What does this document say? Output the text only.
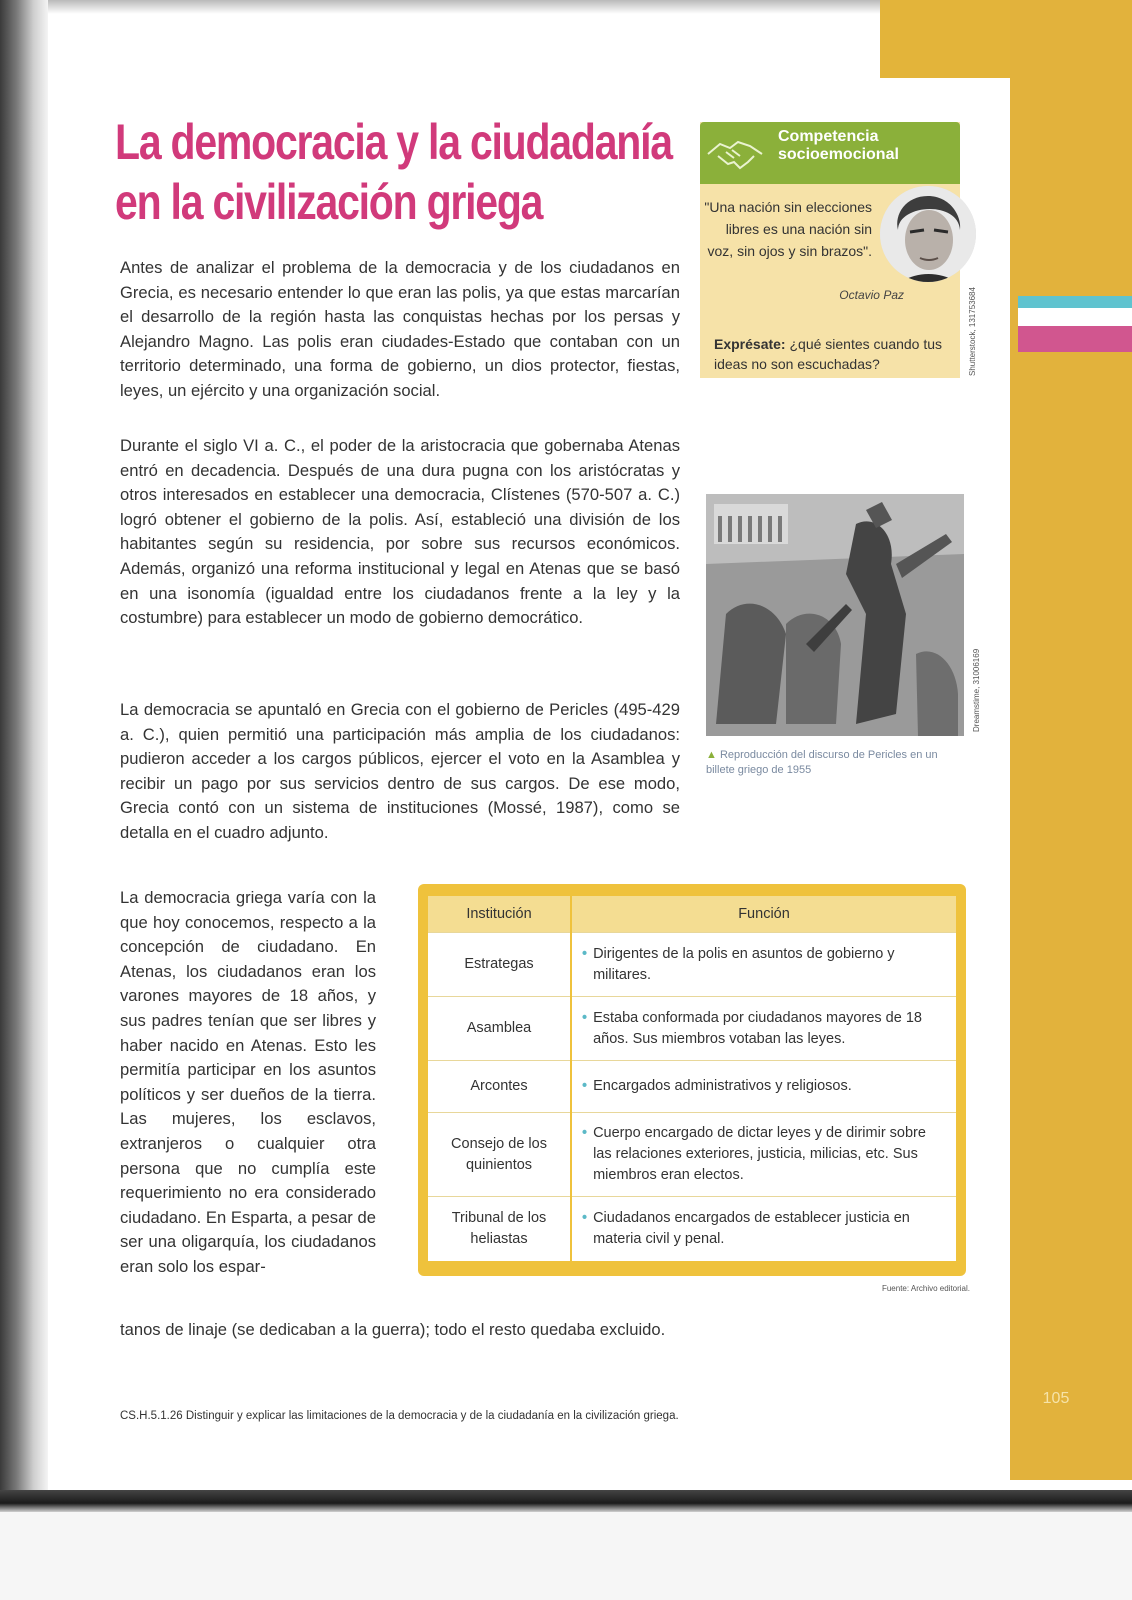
La democracia y la ciudadanía
en la civilización griega

Antes de analizar el problema de la democracia y de los ciudadanos en Grecia, es necesario entender lo que eran las polis, ya que estas marcarían el desarrollo de la región hasta las conquistas hechas por los persas y Alejandro Magno. Las polis eran ciudades-Estado que contaban con un territorio determinado, una forma de gobierno, un dios protector, fiestas, leyes, un ejército y una organización social.

Durante el siglo VI a. C., el poder de la aristocracia que gobernaba Atenas entró en decadencia. Después de una dura pugna con los aristócratas y otros interesados en establecer una democracia, Clístenes (570-507 a. C.) logró obtener el gobierno de la polis. Así, estableció una división de los habitantes según su residencia, por sobre sus recursos económicos. Además, organizó una reforma institucional y legal en Atenas que se basó en una isonomía (igualdad entre los ciudadanos frente a la ley y la costumbre) para establecer un modo de gobierno democrático.

La democracia se apuntaló en Grecia con el gobierno de Pericles (495-429 a. C.), quien permitió una participación más amplia de los ciudadanos: pudieron acceder a los cargos públicos, ejercer el voto en la Asamblea y recibir un pago por sus servicios dentro de sus cargos. De ese modo, Grecia contó con un sistema de instituciones (Mossé, 1987), como se detalla en el cuadro adjunto.

La democracia griega varía con la que hoy conocemos, respecto a la concepción de ciudadano. En Atenas, los ciudadanos eran los varones mayores de 18 años, y sus padres tenían que ser libres y haber nacido en Atenas. Esto les permitía participar en los asuntos políticos y ser dueños de la tierra. Las mujeres, los esclavos, extranjeros o cualquier otra persona que no cumplía este requerimiento no era considerado ciudadano. En Esparta, a pesar de ser una oligarquía, los ciudadanos eran solo los espar-

tanos de linaje (se dedicaban a la guerra); todo el resto quedaba excluido.

Competencia socioemocional
"Una nación sin elecciones libres es una nación sin voz, sin ojos y sin brazos".
Octavio Paz
Exprésate: ¿qué sientes cuando tus ideas no son escuchadas?	Shutterstock, 131753684
Dreamstime, 31006169
▲ Reproducción del discurso de Pericles en un billete griego de 1955
Institución	Función
Estrategas	• Dirigentes de la polis en asuntos de gobierno y militares.

Asamblea	• Estaba conformada por ciudadanos mayores de 18 años. Sus miembros votaban las leyes.

Arcontes	• Encargados administrativos y religiosos.

Consejo de los quinientos	• Cuerpo encargado de dictar leyes y de dirimir sobre las relaciones exteriores, justicia, milicias, etc. Sus miembros eran electos.

Tribunal de los heliastas	• Ciudadanos encargados de establecer justicia en materia civil y penal.
Fuente: Archivo editorial.
CS.H.5.1.26 Distinguir y explicar las limitaciones de la democracia y de la ciudadanía en la civilización griega.
105
